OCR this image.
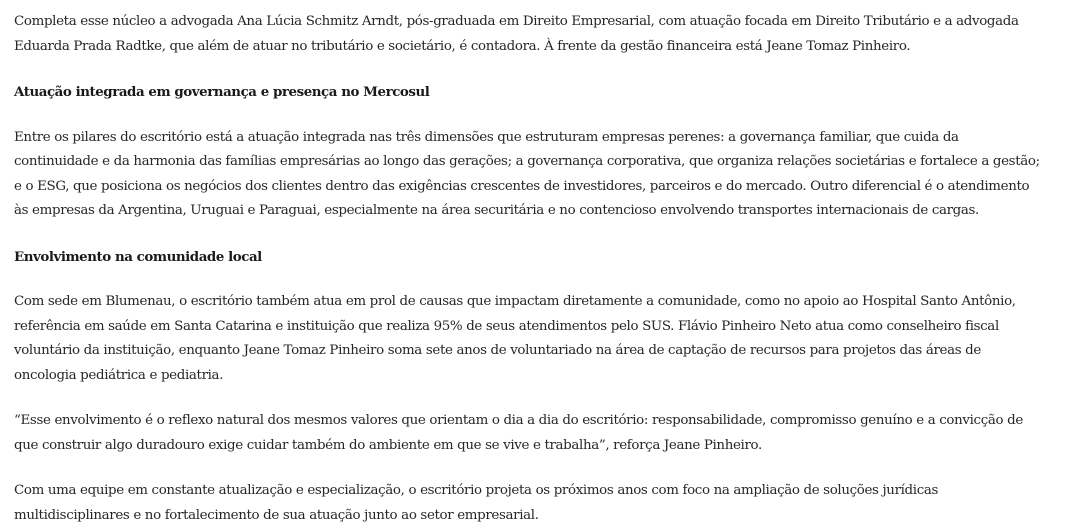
Completa esse núcleo a advogada Ana Lúcia Schmitz Arndt, pós-graduada em Direito Empresarial, com atuação focada em Direito Tributário e a advogada Eduarda Prada Radtke, que além de atuar no tributário e societário, é contadora. À frente da gestão financeira está Jeane Tomaz Pinheiro.

Atuação integrada em governança e presença no Mercosul

Entre os pilares do escritório está a atuação integrada nas três dimensões que estruturam empresas perenes: a governança familiar, que cuida da continuidade e da harmonia das famílias empresárias ao longo das gerações; a governança corporativa, que organiza relações societárias e fortalece a gestão; e o ESG, que posiciona os negócios dos clientes dentro das exigências crescentes de investidores, parceiros e do mercado. Outro diferencial é o atendimento às empresas da Argentina, Uruguai e Paraguai, especialmente na área securitária e no contencioso envolvendo transportes internacionais de cargas.

Envolvimento na comunidade local

Com sede em Blumenau, o escritório também atua em prol de causas que impactam diretamente a comunidade, como no apoio ao Hospital Santo Antônio, referência em saúde em Santa Catarina e instituição que realiza 95% de seus atendimentos pelo SUS. Flávio Pinheiro Neto atua como conselheiro fiscal voluntário da instituição, enquanto Jeane Tomaz Pinheiro soma sete anos de voluntariado na área de captação de recursos para projetos das áreas de oncologia pediátrica e pediatria.

“Esse envolvimento é o reflexo natural dos mesmos valores que orientam o dia a dia do escritório: responsabilidade, compromisso genuíno e a convicção de que construir algo duradouro exige cuidar também do ambiente em que se vive e trabalha”, reforça Jeane Pinheiro.

Com uma equipe em constante atualização e especialização, o escritório projeta os próximos anos com foco na ampliação de soluções jurídicas multidisciplinares e no fortalecimento de sua atuação junto ao setor empresarial.
